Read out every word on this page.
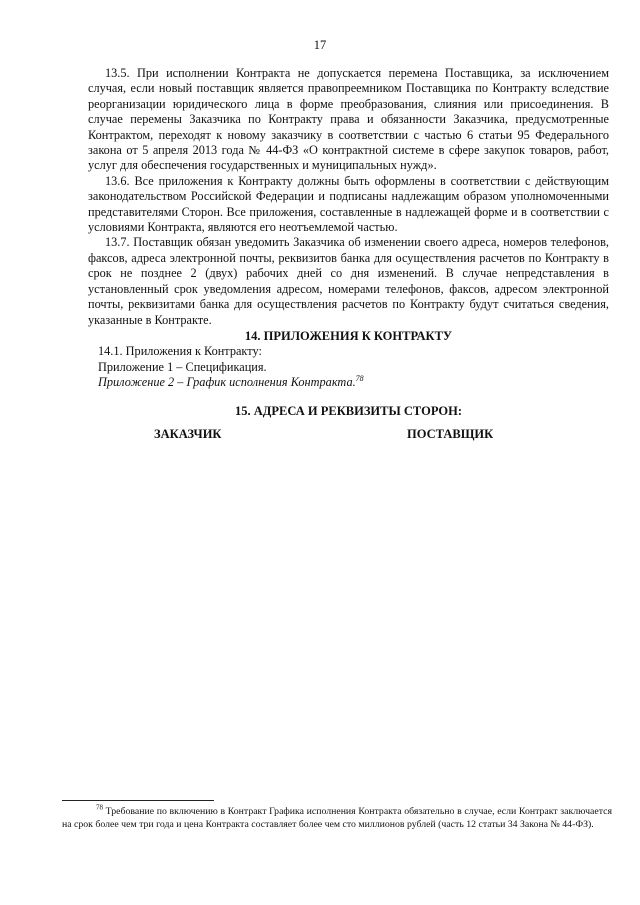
17

13.5. При исполнении Контракта не допускается перемена Поставщика, за исключением случая, если новый поставщик является правопреемником Поставщика по Контракту вследствие реорганизации юридического лица в форме преобразования, слияния или присоединения. В случае перемены Заказчика по Контракту права и обязанности Заказчика, предусмотренные Контрактом, переходят к новому заказчику в соответствии с частью 6 статьи 95 Федерального закона от 5 апреля 2013 года № 44-ФЗ «О контрактной системе в сфере закупок товаров, работ, услуг для обеспечения государственных и муниципальных нужд».

13.6. Все приложения к Контракту должны быть оформлены в соответствии с действующим законодательством Российской Федерации и подписаны надлежащим образом уполномоченными представителями Сторон. Все приложения, составленные в надлежащей форме и в соответствии с условиями Контракта, являются его неотъемлемой частью.

13.7. Поставщик обязан уведомить Заказчика об изменении своего адреса, номеров телефонов, факсов, адреса электронной почты, реквизитов банка для осуществления расчетов по Контракту в срок не позднее 2 (двух) рабочих дней со дня изменений. В случае непредставления в установленный срок уведомления адресом, номерами телефонов, факсов, адресом электронной почты, реквизитами банка для осуществления расчетов по Контракту будут считаться сведения, указанные в Контракте.

14. ПРИЛОЖЕНИЯ К КОНТРАКТУ

14.1. Приложения к Контракту:

Приложение 1 – Спецификация.

Приложение 2 – График исполнения Контракта.$^{78}$

15. АДРЕСА И РЕКВИЗИТЫ СТОРОН:

ЗАКАЗЧИК	ПОСТАВЩИК

$^{78}$ Требование по включению в Контракт Графика исполнения Контракта обязательно в случае, если Контракт заключается на срок более чем три года и цена Контракта составляет более чем сто миллионов рублей (часть 12 статьи 34 Закона № 44-ФЗ).
